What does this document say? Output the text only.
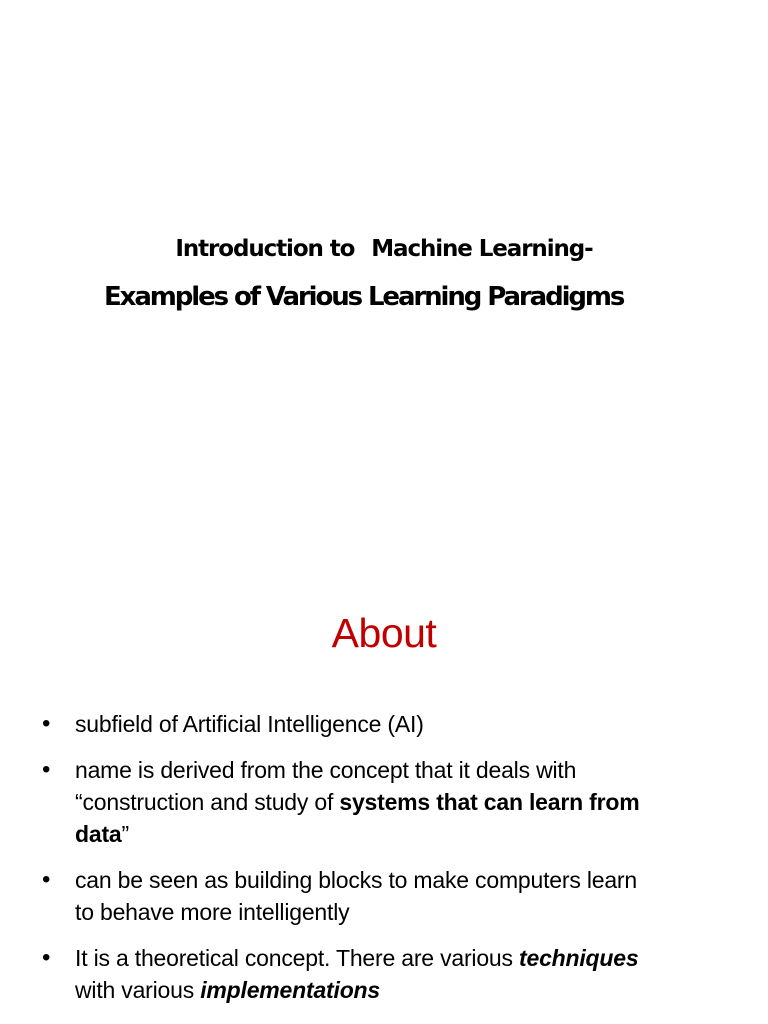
Introduction to Machine Learning-
Examples of Various Learning Paradigms
About
• subfield of Artificial Intelligence (AI)
• name is derived from the concept that it deals with
“construction and study of systems that can learn from
data”
• can be seen as building blocks to make computers learn
to behave more intelligently
• It is a theoretical concept. There are various techniques
with various implementations
